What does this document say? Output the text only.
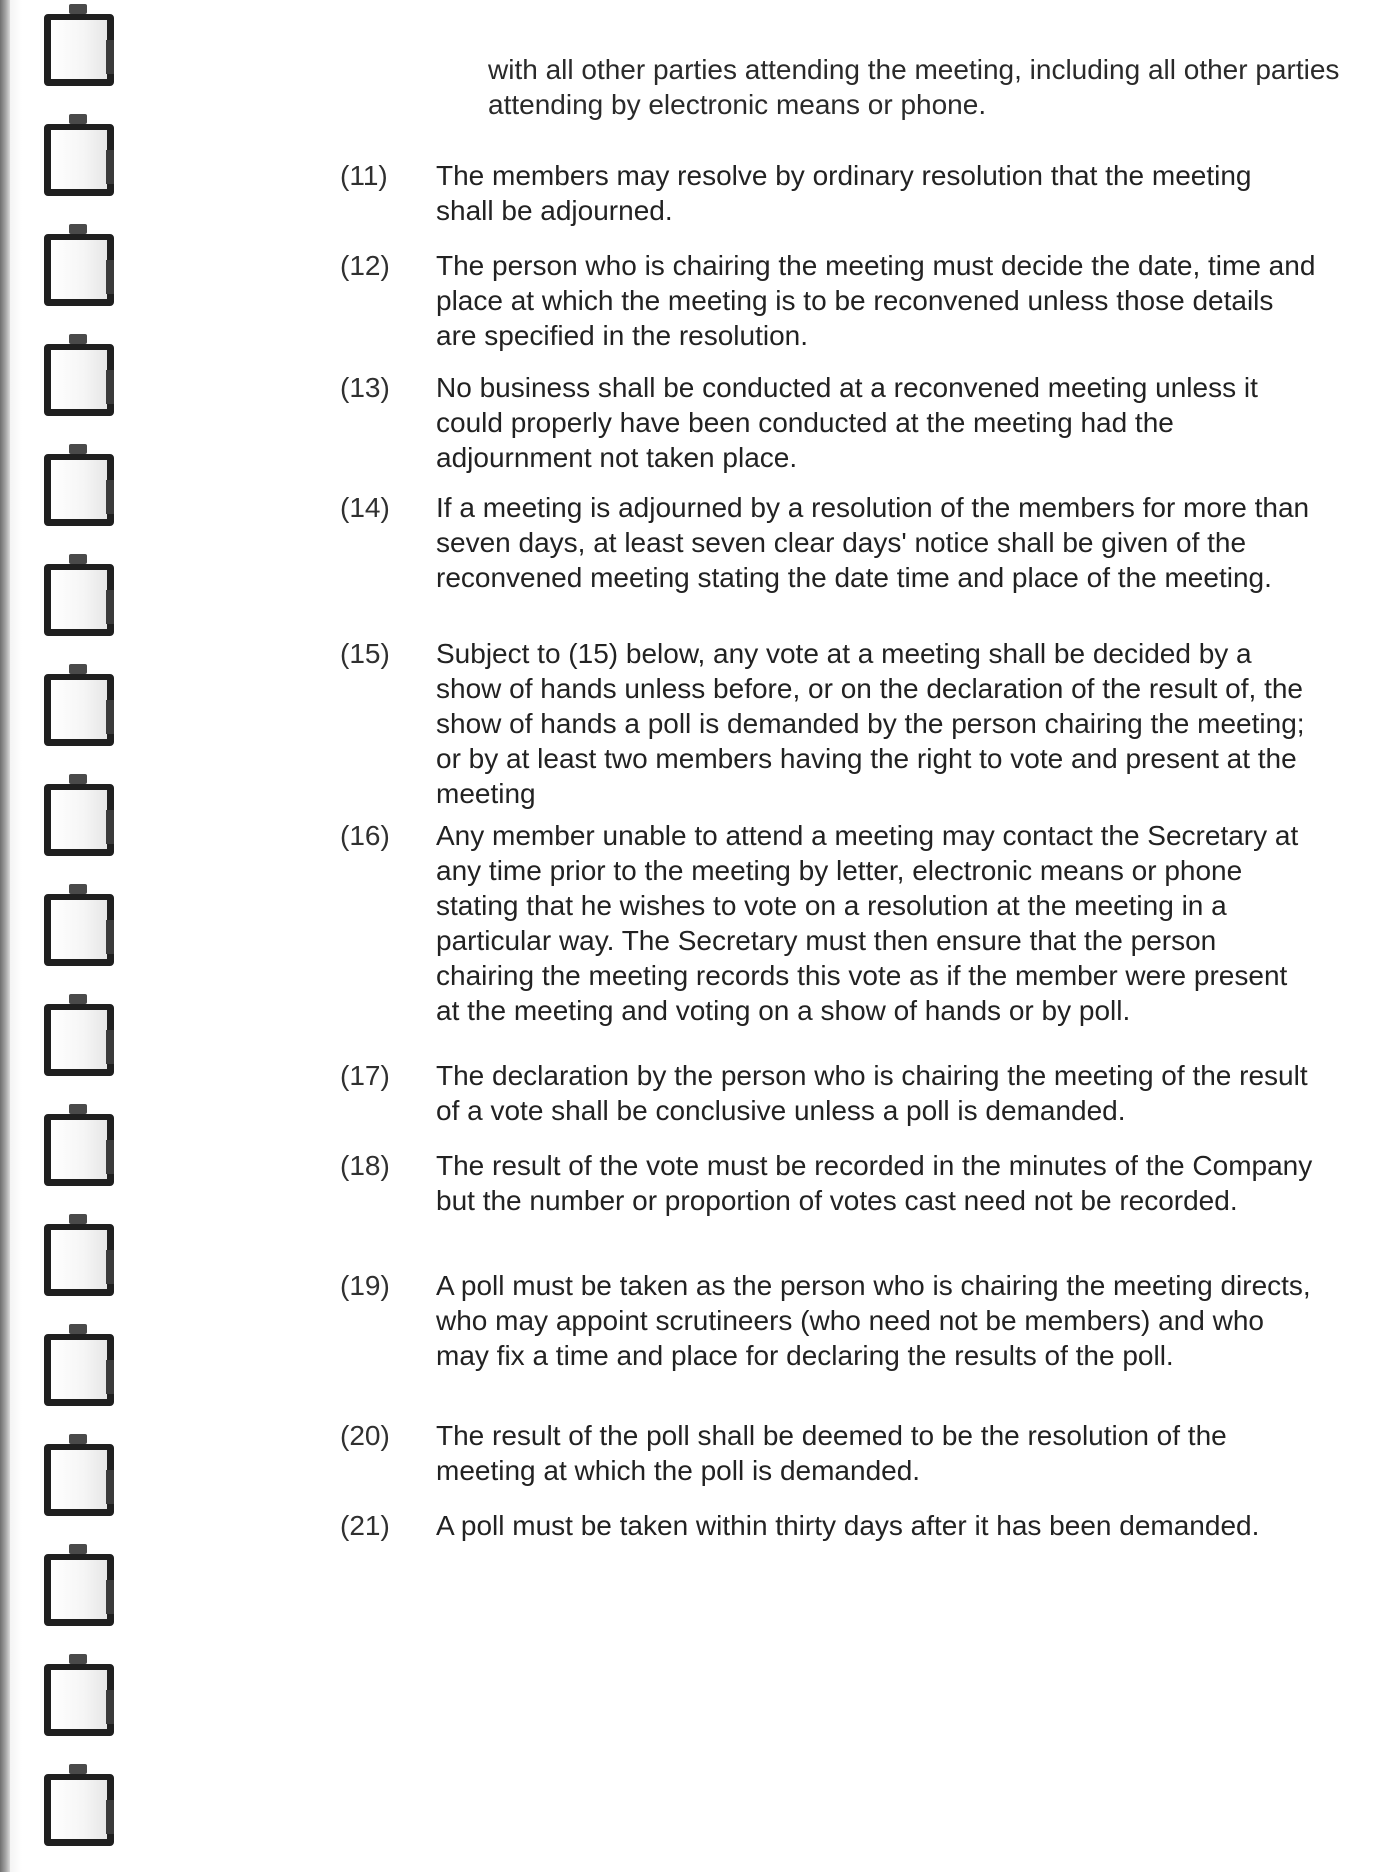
with all other parties attending the meeting, including all other parties attending by electronic means or phone.
(11) The members may resolve by ordinary resolution that the meeting shall be adjourned.
(12) The person who is chairing the meeting must decide the date, time and place at which the meeting is to be reconvened unless those details are specified in the resolution.
(13) No business shall be conducted at a reconvened meeting unless it could properly have been conducted at the meeting had the adjournment not taken place.
(14) If a meeting is adjourned by a resolution of the members for more than seven days, at least seven clear days' notice shall be given of the reconvened meeting stating the date time and place of the meeting.
(15) Subject to (15) below, any vote at a meeting shall be decided by a show of hands unless before, or on the declaration of the result of, the show of hands a poll is demanded by the person chairing the meeting; or by at least two members having the right to vote and present at the meeting
(16) Any member unable to attend a meeting may contact the Secretary at any time prior to the meeting by letter, electronic means or phone stating that he wishes to vote on a resolution at the meeting in a particular way. The Secretary must then ensure that the person chairing the meeting records this vote as if the member were present at the meeting and voting on a show of hands or by poll.
(17) The declaration by the person who is chairing the meeting of the result of a vote shall be conclusive unless a poll is demanded.
(18) The result of the vote must be recorded in the minutes of the Company but the number or proportion of votes cast need not be recorded.
(19) A poll must be taken as the person who is chairing the meeting directs, who may appoint scrutineers (who need not be members) and who may fix a time and place for declaring the results of the poll.
(20) The result of the poll shall be deemed to be the resolution of the meeting at which the poll is demanded.
(21) A poll must be taken within thirty days after it has been demanded.
